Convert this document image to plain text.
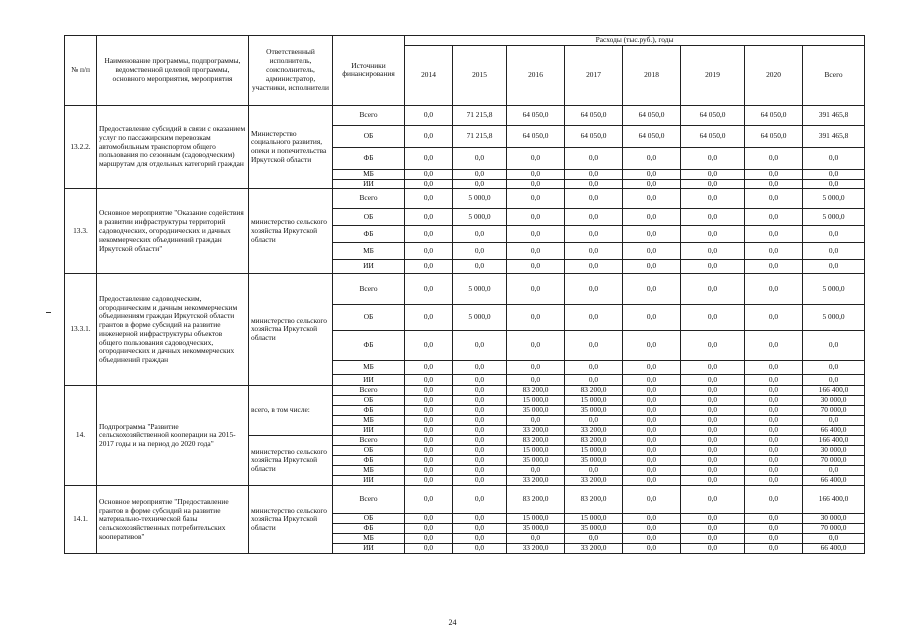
№ п/п	Наименование программы, подпрограммы, ведомственной целевой программы, основного мероприятия, мероприятия	Ответственный исполнитель, соисполнитель, администратор, участники, исполнители	Источники финансирования	Расходы (тыс.руб.), годы							
				2014	2015	2016	2017	2018	2019	2020	Всего
13.2.2.	Предоставление субсидий в связи с оказанием услуг по пассажирским перевозкам автомобильным транспортом общего пользования по сезонным (садоводческим) маршрутам для отдельных категорий граждан	Министерство социального развития, опеки и попечительства Иркутской области	Всего	0,0	71 215,8	64 050,0	64 050,0	64 050,0	64 050,0	64 050,0	391 465,8
			ОБ	0,0	71 215,8	64 050,0	64 050,0	64 050,0	64 050,0	64 050,0	391 465,8
			ФБ	0,0	0,0	0,0	0,0	0,0	0,0	0,0	0,0
			МБ	0,0	0,0	0,0	0,0	0,0	0,0	0,0	0,0
			ИИ	0,0	0,0	0,0	0,0	0,0	0,0	0,0	0,0
13.3.	Основное мероприятие "Оказание содействия в развитии инфраструктуры территорий садоводческих, огороднических и дачных некоммерческих объединений граждан Иркутской области"	министерство сельского хозяйства Иркутской области	Всего	0,0	5 000,0	0,0	0,0	0,0	0,0	0,0	5 000,0
			ОБ	0,0	5 000,0	0,0	0,0	0,0	0,0	0,0	5 000,0
			ФБ	0,0	0,0	0,0	0,0	0,0	0,0	0,0	0,0
			МБ	0,0	0,0	0,0	0,0	0,0	0,0	0,0	0,0
			ИИ	0,0	0,0	0,0	0,0	0,0	0,0	0,0	0,0
13.3.1.	Предоставление садоводческим, огородническим и дачным некоммерческим объединениям граждан Иркутской области грантов в форме субсидий на развитие инженерной инфраструктуры объектов общего пользования садоводческих, огороднических и дачных некоммерческих объединений граждан	министерство сельского хозяйства Иркутской области	Всего	0,0	5 000,0	0,0	0,0	0,0	0,0	0,0	5 000,0
			ОБ	0,0	5 000,0	0,0	0,0	0,0	0,0	0,0	5 000,0
			ФБ	0,0	0,0	0,0	0,0	0,0	0,0	0,0	0,0
			МБ	0,0	0,0	0,0	0,0	0,0	0,0	0,0	0,0
			ИИ	0,0	0,0	0,0	0,0	0,0	0,0	0,0	0,0
14.	Подпрограмма "Развитие сельскохозяйственной кооперации на 2015-2017 годы и на период до 2020 года"	всего, в том числе:	Всего	0,0	0,0	83 200,0	83 200,0	0,0	0,0	0,0	166 400,0
			ОБ	0,0	0,0	15 000,0	15 000,0	0,0	0,0	0,0	30 000,0
			ФБ	0,0	0,0	35 000,0	35 000,0	0,0	0,0	0,0	70 000,0
			МБ	0,0	0,0	0,0	0,0	0,0	0,0	0,0	0,0
			ИИ	0,0	0,0	33 200,0	33 200,0	0,0	0,0	0,0	66 400,0
		министерство сельского хозяйства Иркутской области	Всего	0,0	0,0	83 200,0	83 200,0	0,0	0,0	0,0	166 400,0
			ОБ	0,0	0,0	15 000,0	15 000,0	0,0	0,0	0,0	30 000,0
			ФБ	0,0	0,0	35 000,0	35 000,0	0,0	0,0	0,0	70 000,0
			МБ	0,0	0,0	0,0	0,0	0,0	0,0	0,0	0,0
			ИИ	0,0	0,0	33 200,0	33 200,0	0,0	0,0	0,0	66 400,0
14.1.	Основное мероприятие "Предоставление грантов в форме субсидий на развитие материально-технической базы сельскохозяйственных потребительских кооперативов"	министерство сельского хозяйства Иркутской области	Всего	0,0	0,0	83 200,0	83 200,0	0,0	0,0	0,0	166 400,0
			ОБ	0,0	0,0	15 000,0	15 000,0	0,0	0,0	0,0	30 000,0
			ФБ	0,0	0,0	35 000,0	35 000,0	0,0	0,0	0,0	70 000,0
			МБ	0,0	0,0	0,0	0,0	0,0	0,0	0,0	0,0
			ИИ	0,0	0,0	33 200,0	33 200,0	0,0	0,0	0,0	66 400,0
24
